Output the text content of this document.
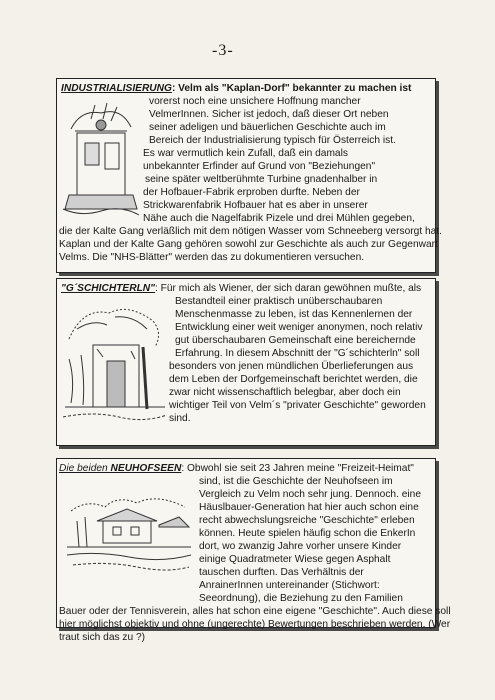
-3-
INDUSTRIALISIERUNG: Velm als "Kaplan-Dorf" bekannter zu machen ist
vorerst noch eine unsichere Hoffnung mancher
VelmerInnen. Sicher ist jedoch, daß dieser Ort neben
seiner adeligen und bäuerlichen Geschichte auch im
Bereich der Industrialisierung typisch für Österreich ist.
Es war vermutlich kein Zufall, daß ein damals
unbekannter Erfinder auf Grund von "Beziehungen"
seine später weltberühmte Turbine gnadenhalber in
der Hofbauer-Fabrik erproben durfte. Neben der
Strickwarenfabrik Hofbauer hat es aber in unserer
Nähe auch die Nagelfabrik Pizele und drei Mühlen gegeben,
die der Kalte Gang verläßlich mit dem nötigen Wasser vom Schneeberg versorgt hat.
Kaplan und der Kalte Gang gehören sowohl zur Geschichte als auch zur Gegenwart
Velms. Die "NHS-Blätter" werden das zu dokumentieren versuchen.
"G´SCHICHTERLN": Für mich als Wiener, der sich daran gewöhnen mußte, als
Bestandteil einer praktisch unüberschaubaren
Menschenmasse zu leben, ist das Kennenlernen der
Entwicklung einer weit weniger anonymen, noch relativ
gut überschaubaren Gemeinschaft eine bereichernde
Erfahrung. In diesem Abschnitt der "G´schichterln" soll
besonders von jenen mündlichen Überlieferungen aus
dem Leben der Dorfgemeinschaft berichtet werden, die
zwar nicht wissenschaftlich belegbar, aber doch ein
wichtiger Teil von Velm´s "privater Geschichte" geworden
sind.
Die beiden NEUHOFSEEN: Obwohl sie seit 23 Jahren meine "Freizeit-Heimat"
sind, ist die Geschichte der Neuhofseen im
Vergleich zu Velm noch sehr jung. Dennoch. eine
Häuslbauer-Generation hat hier auch schon eine
recht abwechslungsreiche "Geschichte" erleben
können. Heute spielen häufig schon die EnkerIn
dort, wo zwanzig Jahre vorher unsere Kinder
einige Quadratmeter Wiese gegen Asphalt
tauschen durften. Das Verhältnis der
AnrainerInnen untereinander (Stichwort:
Seeordnung), die Beziehung zu den Familien
Bauer oder der Tennisverein, alles hat schon eine eigene "Geschichte". Auch diese soll
hier möglichst objektiv und ohne (ungerechte) Bewertungen beschrieben werden. (Wer
traut sich das zu ?)
